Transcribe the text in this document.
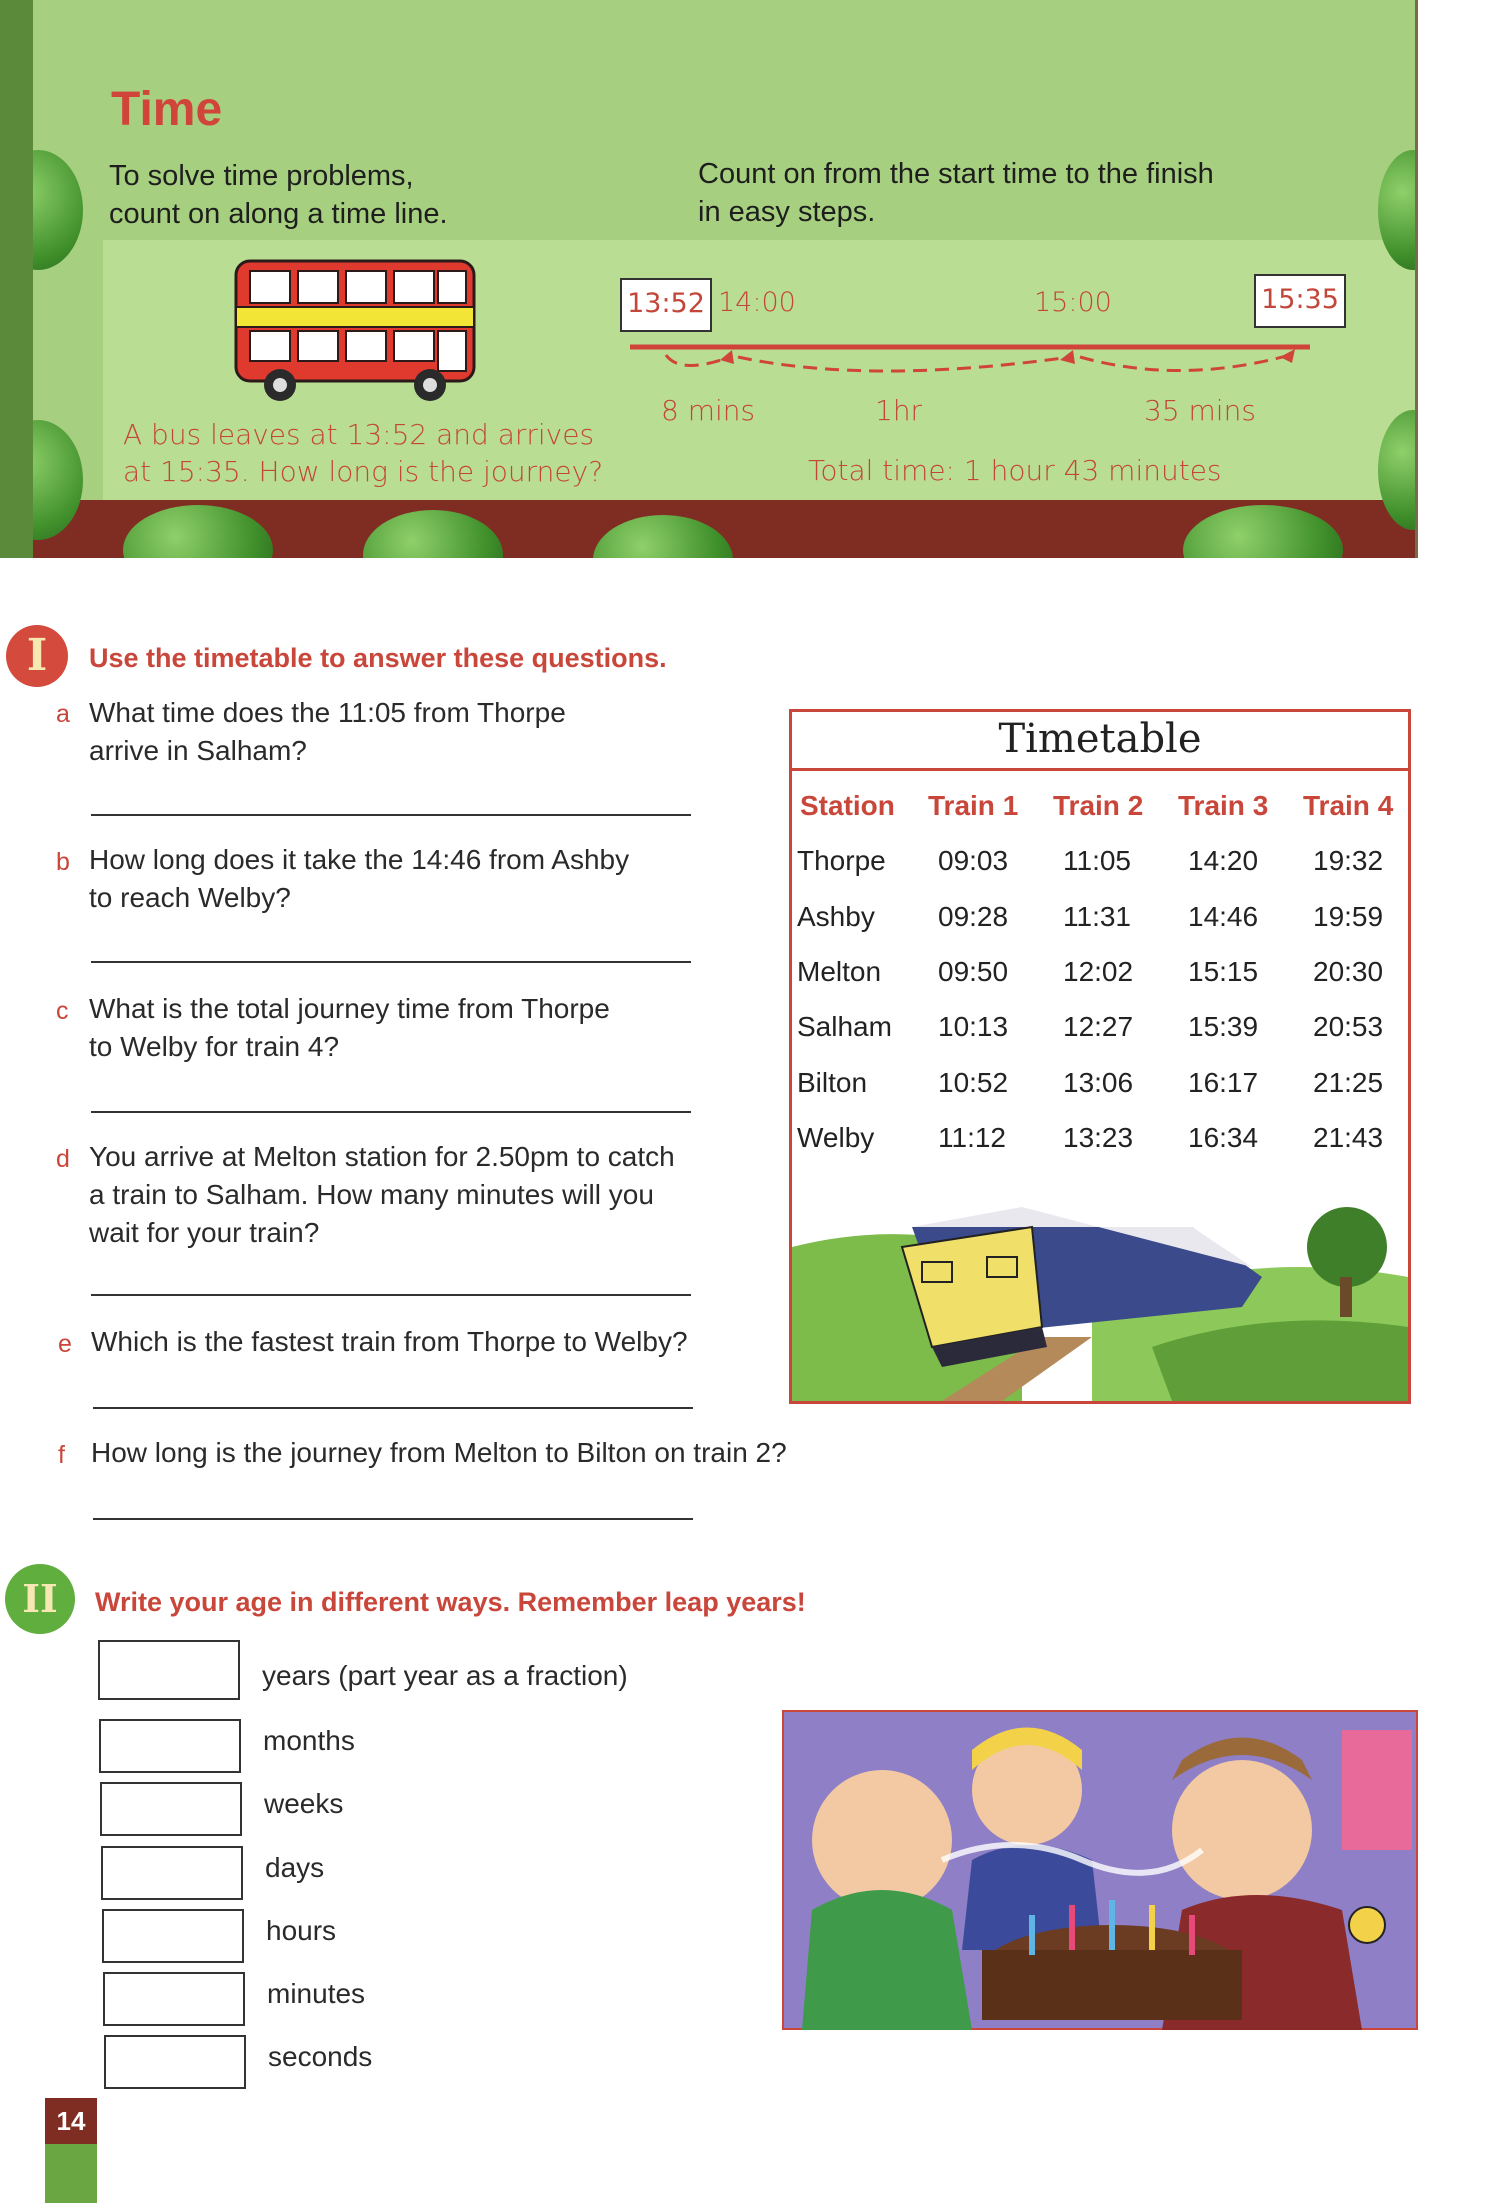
Time
To solve time problems,
count on along a time line.
Count on from the start time to the finish
in easy steps.
A bus leaves at 13:52 and arrives
at 15:35. How long is the journey?
13:52 14:00	15:00	15:35
8 mins	1hr	35 mins
Total time: 1 hour 43 minutes
I	Use the timetable to answer these questions.
a What time does the 11:05 from Thorpe
arrive in Salham?
b How long does it take the 14:46 from Ashby
to reach Welby?
c What is the total journey time from Thorpe
to Welby for train 4?
d You arrive at Melton station for 2.50pm to catch
a train to Salham. How many minutes will you
wait for your train?
e Which is the fastest train from Thorpe to Welby?
f How long is the journey from Melton to Bilton on train 2?
Timetable
Station Train 1 Train 2 Train 3 Train 4
Thorpe 09:03 11:05 14:20 19:32
Ashby 09:28 11:31 14:46 19:59
Melton 09:50 12:02 15:15 20:30
Salham 10:13 12:27 15:39 20:53
Bilton	10:52 13:06 16:17 21:25
Welby 11:12 13:23 16:34 21:43
II	Write your age in different ways. Remember leap years!
years (part year as a fraction)
months
weeks
days
hours
minutes
seconds
14
